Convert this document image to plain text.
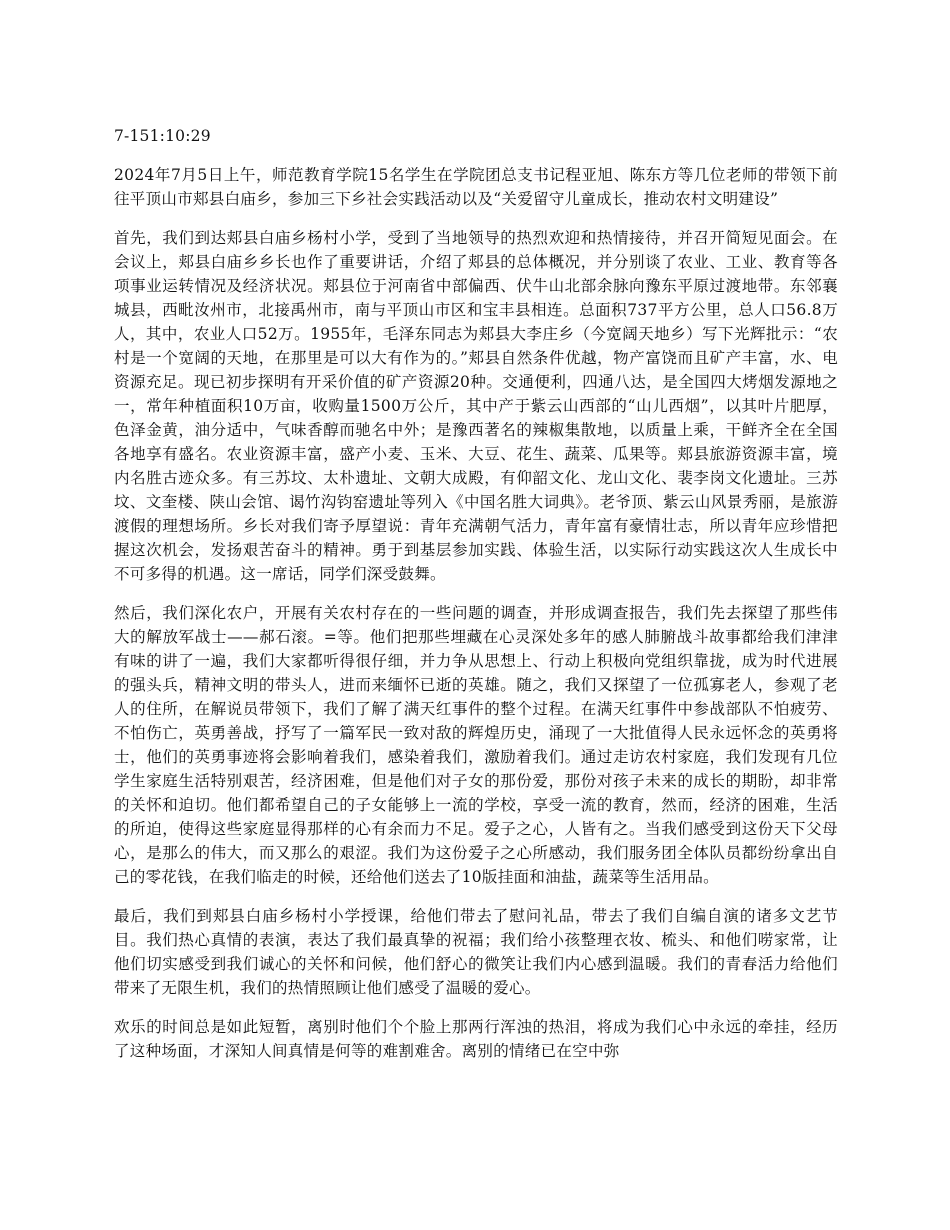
7-151:10:29

2024年7月5日上午，师范教育学院15名学生在学院团总支书记程亚旭、陈东方等几位老师的带领下前往平顶山市郏县白庙乡，参加三下乡社会实践活动以及“关爱留守儿童成长，推动农村文明建设”

首先，我们到达郏县白庙乡杨村小学，受到了当地领导的热烈欢迎和热情接待，并召开简短见面会。在会议上，郏县白庙乡乡长也作了重要讲话，介绍了郏县的总体概况，并分别谈了农业、工业、教育等各项事业运转情况及经济状况。郏县位于河南省中部偏西、伏牛山北部余脉向豫东平原过渡地带。东邻襄城县，西毗汝州市，北接禹州市，南与平顶山市区和宝丰县相连。总面积737平方公里，总人口56.8万人，其中，农业人口52万。1955年，毛泽东同志为郏县大李庄乡（今宽阔天地乡）写下光辉批示：“农村是一个宽阔的天地，在那里是可以大有作为的。”郏县自然条件优越，物产富饶而且矿产丰富，水、电资源充足。现已初步探明有开采价值的矿产资源20种。交通便利，四通八达，是全国四大烤烟发源地之一，常年种植面积10万亩，收购量1500万公斤，其中产于紫云山西部的“山儿西烟”，以其叶片肥厚，色泽金黄，油分适中，气味香醇而驰名中外；是豫西著名的辣椒集散地，以质量上乘，干鲜齐全在全国各地享有盛名。农业资源丰富，盛产小麦、玉米、大豆、花生、蔬菜、瓜果等。郏县旅游资源丰富，境内名胜古迹众多。有三苏坟、太朴遗址、文朝大成殿，有仰韶文化、龙山文化、裴李岗文化遗址。三苏坟、文奎楼、陕山会馆、谒竹沟钧窑遗址等列入《中国名胜大词典》。老爷顶、紫云山风景秀丽，是旅游渡假的理想场所。乡长对我们寄予厚望说：青年充满朝气活力，青年富有豪情壮志，所以青年应珍惜把握这次机会，发扬艰苦奋斗的精神。勇于到基层参加实践、体验生活，以实际行动实践这次人生成长中不可多得的机遇。这一席话，同学们深受鼓舞。

然后，我们深化农户，开展有关农村存在的一些问题的调查，并形成调查报告，我们先去探望了那些伟大的解放军战士——郝石滚。=等。他们把那些埋藏在心灵深处多年的感人肺腑战斗故事都给我们津津有味的讲了一遍，我们大家都听得很仔细，并力争从思想上、行动上积极向党组织靠拢，成为时代进展的强头兵，精神文明的带头人，进而来缅怀已逝的英雄。随之，我们又探望了一位孤寡老人，参观了老人的住所，在解说员带领下，我们了解了满天红事件的整个过程。在满天红事件中参战部队不怕疲劳、不怕伤亡，英勇善战，抒写了一篇军民一致对敌的辉煌历史，涌现了一大批值得人民永远怀念的英勇将士，他们的英勇事迹将会影响着我们，感染着我们，激励着我们。通过走访农村家庭，我们发现有几位学生家庭生活特别艰苦，经济困难，但是他们对子女的那份爱，那份对孩子未来的成长的期盼，却非常的关怀和迫切。他们都希望自己的子女能够上一流的学校，享受一流的教育，然而，经济的困难，生活的所迫，使得这些家庭显得那样的心有余而力不足。爱子之心，人皆有之。当我们感受到这份天下父母心，是那么的伟大，而又那么的艰涩。我们为这份爱子之心所感动，我们服务团全体队员都纷纷拿出自己的零花钱，在我们临走的时候，还给他们送去了10版挂面和油盐，蔬菜等生活用品。

最后，我们到郏县白庙乡杨村小学授课，给他们带去了慰问礼品，带去了我们自编自演的诸多文艺节目。我们热心真情的表演，表达了我们最真挚的祝福；我们给小孩整理衣妆、梳头、和他们唠家常，让他们切实感受到我们诚心的关怀和问候，他们舒心的微笑让我们内心感到温暖。我们的青春活力给他们带来了无限生机，我们的热情照顾让他们感受了温暖的爱心。

欢乐的时间总是如此短暂，离别时他们个个脸上那两行浑浊的热泪，将成为我们心中永远的牵挂，经历了这种场面，才深知人间真情是何等的难割难舍。离别的情绪已在空中弥
